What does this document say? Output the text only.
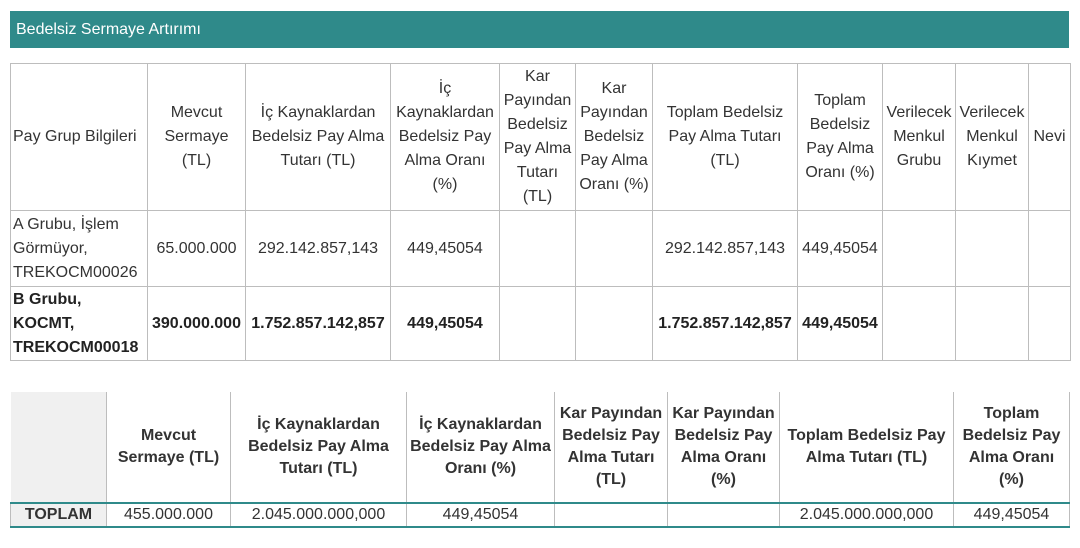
Bedelsiz Sermaye Artırımı
Pay Grup Bilgileri	Mevcut Sermaye (TL)	İç Kaynaklardan Bedelsiz Pay Alma Tutarı (TL)	İç Kaynaklardan Bedelsiz Pay Alma Oranı (%)	Kar Payından Bedelsiz Pay Alma Tutarı (TL)	Kar Payından Bedelsiz Pay Alma Oranı (%)	Toplam Bedelsiz Pay Alma Tutarı (TL)	Toplam Bedelsiz Pay Alma Oranı (%)	Verilecek Menkul Grubu	Verilecek Menkul Kıymet	Nevi
A Grubu, İşlem Görmüyor, TREKOCM00026	65.000.000	292.142.857,143	449,45054			292.142.857,143	449,45054			
B Grubu, KOCMT, TREKOCM00018	390.000.000	1.752.857.142,857	449,45054			1.752.857.142,857	449,45054			
	Mevcut Sermaye (TL)	İç Kaynaklardan Bedelsiz Pay Alma Tutarı (TL)	İç Kaynaklardan Bedelsiz Pay Alma Oranı (%)	Kar Payından Bedelsiz Pay Alma Tutarı (TL)	Kar Payından Bedelsiz Pay Alma Oranı (%)	Toplam Bedelsiz Pay Alma Tutarı (TL)	Toplam Bedelsiz Pay Alma Oranı (%)
TOPLAM	455.000.000	2.045.000.000,000	449,45054			2.045.000.000,000	449,45054
